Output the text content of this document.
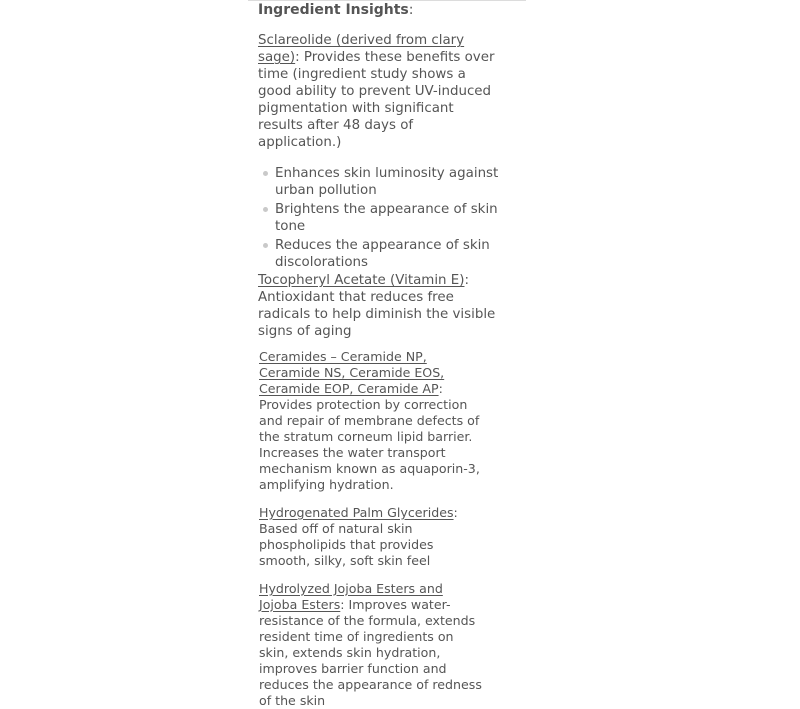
Ingredient Insights:
Sclareolide (derived from clary sage): Provides these benefits over time (ingredient study shows a good ability to prevent UV-induced pigmentation with significant results after 48 days of application.)
Enhances skin luminosity against urban pollution
Brightens the appearance of skin tone
Reduces the appearance of skin discolorations
Tocopheryl Acetate (Vitamin E): Antioxidant that reduces free radicals to help diminish the visible signs of aging
Ceramides – Ceramide NP, Ceramide NS, Ceramide EOS, Ceramide EOP, Ceramide AP: Provides protection by correction and repair of membrane defects of the stratum corneum lipid barrier. Increases the water transport mechanism known as aquaporin-3, amplifying hydration.
Hydrogenated Palm Glycerides: Based off of natural skin phospholipids that provides smooth, silky, soft skin feel
Hydrolyzed Jojoba Esters and Jojoba Esters: Improves water-resistance of the formula, extends resident time of ingredients on skin, extends skin hydration, improves barrier function and reduces the appearance of redness of the skin
